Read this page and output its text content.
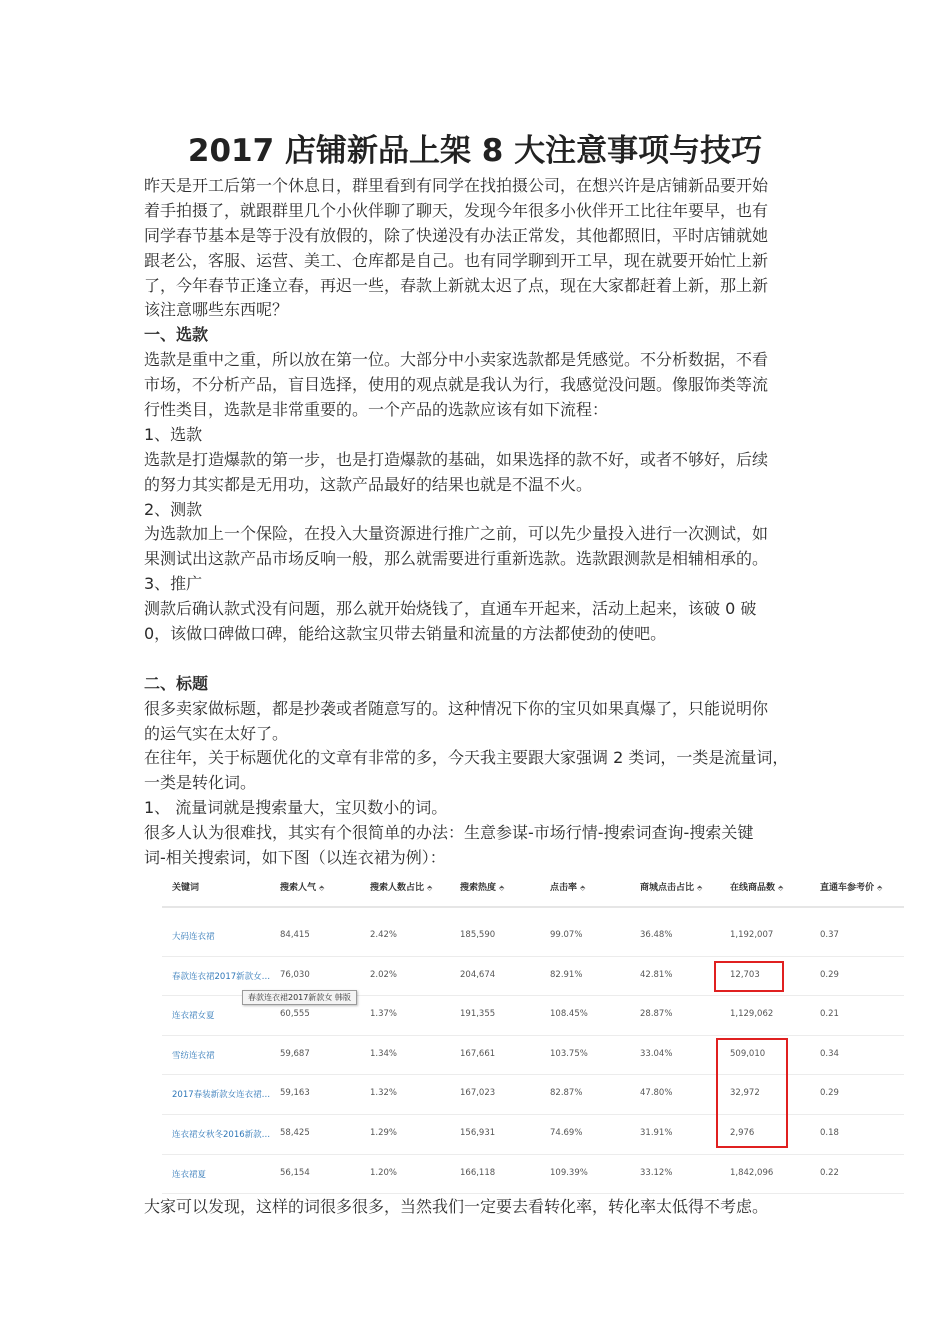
2017 店铺新品上架 8 大注意事项与技巧
昨天是开工后第一个休息日，群里看到有同学在找拍摄公司，在想兴许是店铺新品要开始
着手拍摄了，就跟群里几个小伙伴聊了聊天，发现今年很多小伙伴开工比往年要早，也有
同学春节基本是等于没有放假的，除了快递没有办法正常发，其他都照旧，平时店铺就她
跟老公，客服、运营、美工、仓库都是自己。也有同学聊到开工早，现在就要开始忙上新
了，今年春节正逢立春，再迟一些，春款上新就太迟了点，现在大家都赶着上新，那上新
该注意哪些东西呢？
一、选款
选款是重中之重，所以放在第一位。大部分中小卖家选款都是凭感觉。不分析数据，不看
市场，不分析产品，盲目选择，使用的观点就是我认为行，我感觉没问题。像服饰类等流
行性类目，选款是非常重要的。一个产品的选款应该有如下流程：
1、选款
选款是打造爆款的第一步，也是打造爆款的基础，如果选择的款不好，或者不够好，后续
的努力其实都是无用功，这款产品最好的结果也就是不温不火。
2、测款
为选款加上一个保险，在投入大量资源进行推广之前，可以先少量投入进行一次测试，如
果测试出这款产品市场反响一般，那么就需要进行重新选款。选款跟测款是相辅相承的。
3、推广
测款后确认款式没有问题，那么就开始烧钱了，直通车开起来，活动上起来，该破 0 破
0，该做口碑做口碑，能给这款宝贝带去销量和流量的方法都使劲的使吧。
二、标题
很多卖家做标题，都是抄袭或者随意写的。这种情况下你的宝贝如果真爆了，只能说明你
的运气实在太好了。
在往年，关于标题优化的文章有非常的多，今天我主要跟大家强调 2 类词，一类是流量词，
一类是转化词。
1、 流量词就是搜索量大，宝贝数小的词。
很多人认为很难找，其实有个很简单的办法：生意参谋-市场行情-搜索词查询-搜索关键
词-相关搜索词，如下图（以连衣裙为例）：
关键词	搜索人气 ⬘	搜索人数占比 ⬘	搜索热度 ⬘	点击率 ⬘	商城点击占比 ⬘	在线商品数 ⬘	直通车参考价 ⬘
大码连衣裙	84,415	2.42%	185,590	99.07%	36.48%	1,192,007	0.37
春款连衣裙2017新款女… 76,030	2.02%	204,674	82.91%	42.81%	12,703	0.29
连衣裙女夏	60,555	1.37%	191,355	108.45%	28.87%	1,129,062	0.21
雪纺连衣裙	59,687	1.34%	167,661	103.75%	33.04%	509,010	0.34
2017春装新款女连衣裙… 59,163	1.32%	167,023	82.87%	47.80%	32,972	0.29
连衣裙女秋冬2016新款… 58,425	1.29%	156,931	74.69%	31.91%	2,976	0.18
连衣裙夏	56,154	1.20%	166,118	109.39%	33.12%	1,842,096	0.22
春款连衣裙2017新款女 韩版
大家可以发现，这样的词很多很多，当然我们一定要去看转化率，转化率太低得不考虑。
